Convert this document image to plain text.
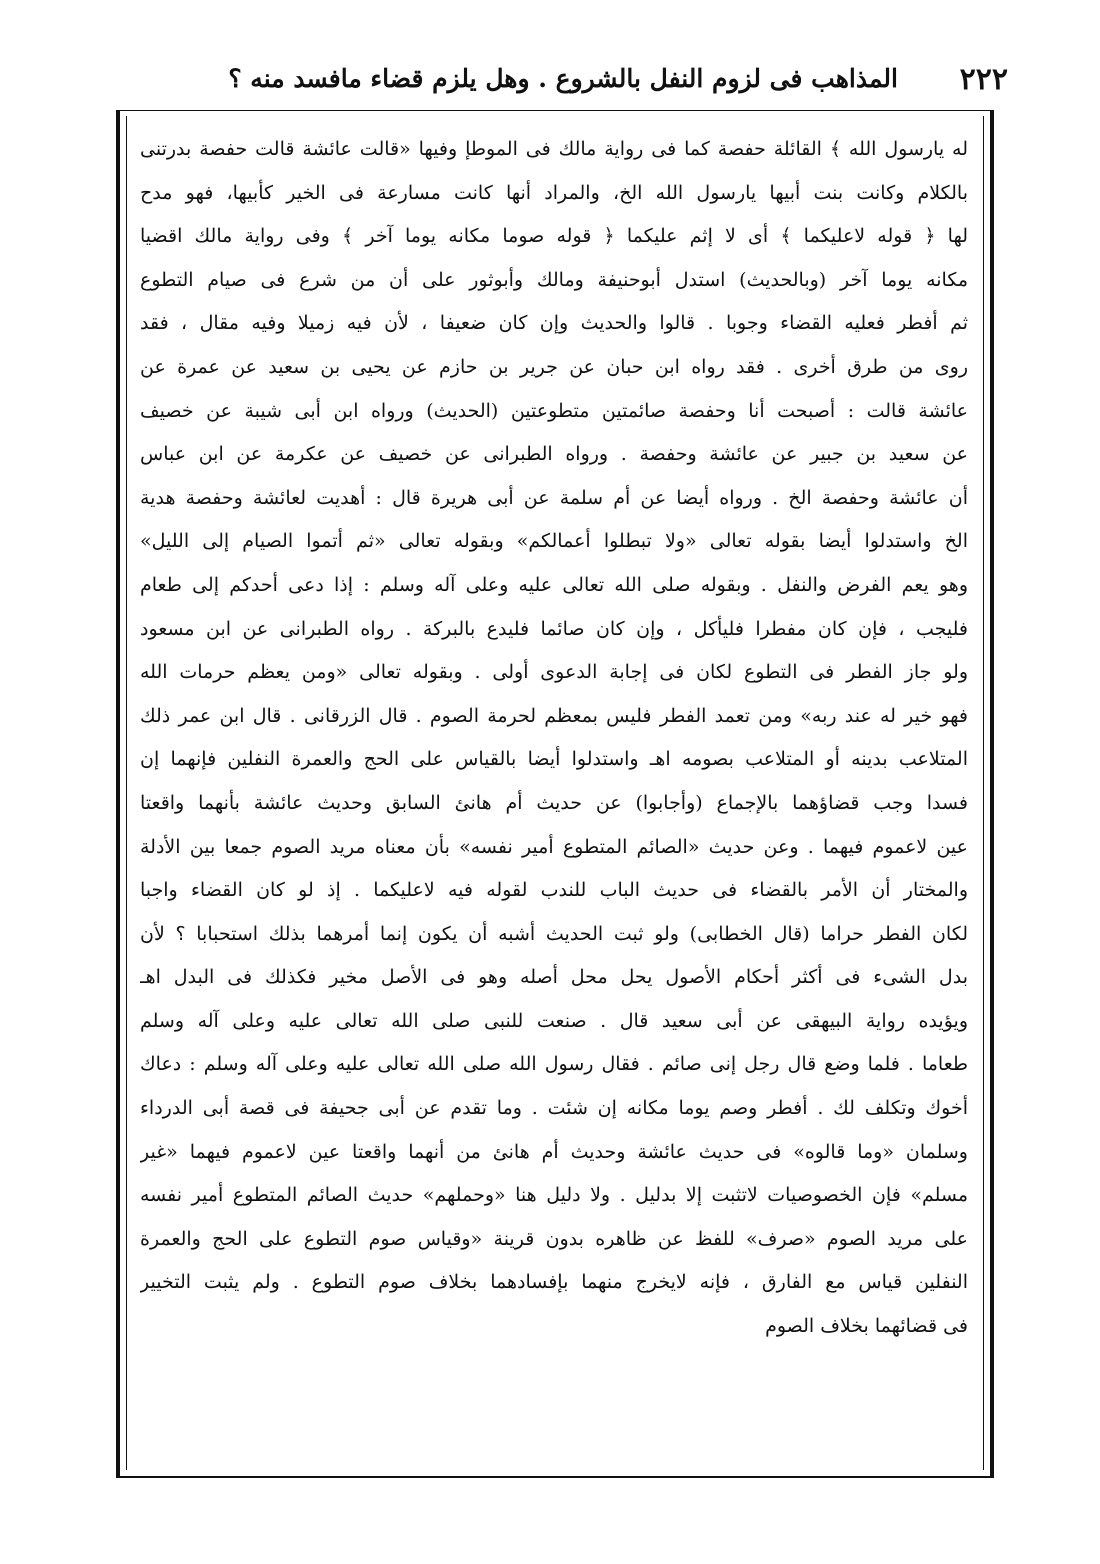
٢٢٢
المذاهب فى لزوم النفل بالشروع . وهل يلزم قضاء مافسد منه ؟
له يارسول الله ﴾ القائلة حفصة كما فى رواية مالك فى الموطإ وفيها «قالت عائشة قالت حفصة بدرتنى
بالكلام وكانت بنت أبيها يارسول الله الخ، والمراد أنها كانت مسارعة فى الخير كأبيها، فهو مدح
لها ﴿ قوله لاعليكما ﴾ أى لا إثم عليكما ﴿ قوله صوما مكانه يوما آخر ﴾ وفى رواية مالك اقضيا
مكانه يوما آخر (وبالحديث) استدل أبوحنيفة ومالك وأبوثور على أن من شرع فى صيام التطوع
ثم أفطر فعليه القضاء وجوبا . قالوا والحديث وإن كان ضعيفا ، لأن فيه زميلا وفيه مقال ، فقد
روى من طرق أخرى . فقد رواه ابن حبان عن جرير بن حازم عن يحيى بن سعيد عن عمرة عن
عائشة قالت : أصبحت أنا وحفصة صائمتين متطوعتين (الحديث) ورواه ابن أبى شيبة عن خصيف
عن سعيد بن جبير عن عائشة وحفصة . ورواه الطبرانى عن خصيف عن عكرمة عن ابن عباس
أن عائشة وحفصة الخ . ورواه أيضا عن أم سلمة عن أبى هريرة قال : أهديت لعائشة وحفصة هدية
الخ واستدلوا أيضا بقوله تعالى «ولا تبطلوا أعمالكم» وبقوله تعالى «ثم أتموا الصيام إلى الليل»
وهو يعم الفرض والنفل . وبقوله صلى الله تعالى عليه وعلى آله وسلم : إذا دعى أحدكم إلى طعام
فليجب ، فإن كان مفطرا فليأكل ، وإن كان صائما فليدع بالبركة . رواه الطبرانى عن ابن مسعود
ولو جاز الفطر فى التطوع لكان فى إجابة الدعوى أولى . وبقوله تعالى «ومن يعظم حرمات الله
فهو خير له عند ربه» ومن تعمد الفطر فليس بمعظم لحرمة الصوم . قال الزرقانى . قال ابن عمر ذلك
المتلاعب بدينه أو المتلاعب بصومه اهـ واستدلوا أيضا بالقياس على الحج والعمرة النفلين فإنهما إن
فسدا وجب قضاؤهما بالإجماع (وأجابوا) عن حديث أم هانئ السابق وحديث عائشة بأنهما واقعتا
عين لاعموم فيهما . وعن حديث «الصائم المتطوع أمير نفسه» بأن معناه مريد الصوم جمعا بين الأدلة
والمختار أن الأمر بالقضاء فى حديث الباب للندب لقوله فيه لاعليكما . إذ لو كان القضاء واجبا
لكان الفطر حراما (قال الخطابى) ولو ثبت الحديث أشبه أن يكون إنما أمرهما بذلك استحبابا ؟ لأن
بدل الشىء فى أكثر أحكام الأصول يحل محل أصله وهو فى الأصل مخير فكذلك فى البدل اهـ
ويؤيده رواية البيهقى عن أبى سعيد قال . صنعت للنبى صلى الله تعالى عليه وعلى آله وسلم
طعاما . فلما وضع قال رجل إنى صائم . فقال رسول الله صلى الله تعالى عليه وعلى آله وسلم : دعاك
أخوك وتكلف لك . أفطر وصم يوما مكانه إن شئت . وما تقدم عن أبى جحيفة فى قصة أبى الدرداء
وسلمان «وما قالوه» فى حديث عائشة وحديث أم هانئ من أنهما واقعتا عين لاعموم فيهما «غير
مسلم» فإن الخصوصيات لاتثبت إلا بدليل . ولا دليل هنا «وحملهم» حديث الصائم المتطوع أمير نفسه
على مريد الصوم «صرف» للفظ عن ظاهره بدون قرينة «وقياس صوم التطوع على الحج والعمرة
النفلين قياس مع الفارق ، فإنه لايخرج منهما بإفسادهما بخلاف صوم التطوع . ولم يثبت التخيير
فى قضائهما بخلاف الصوم
